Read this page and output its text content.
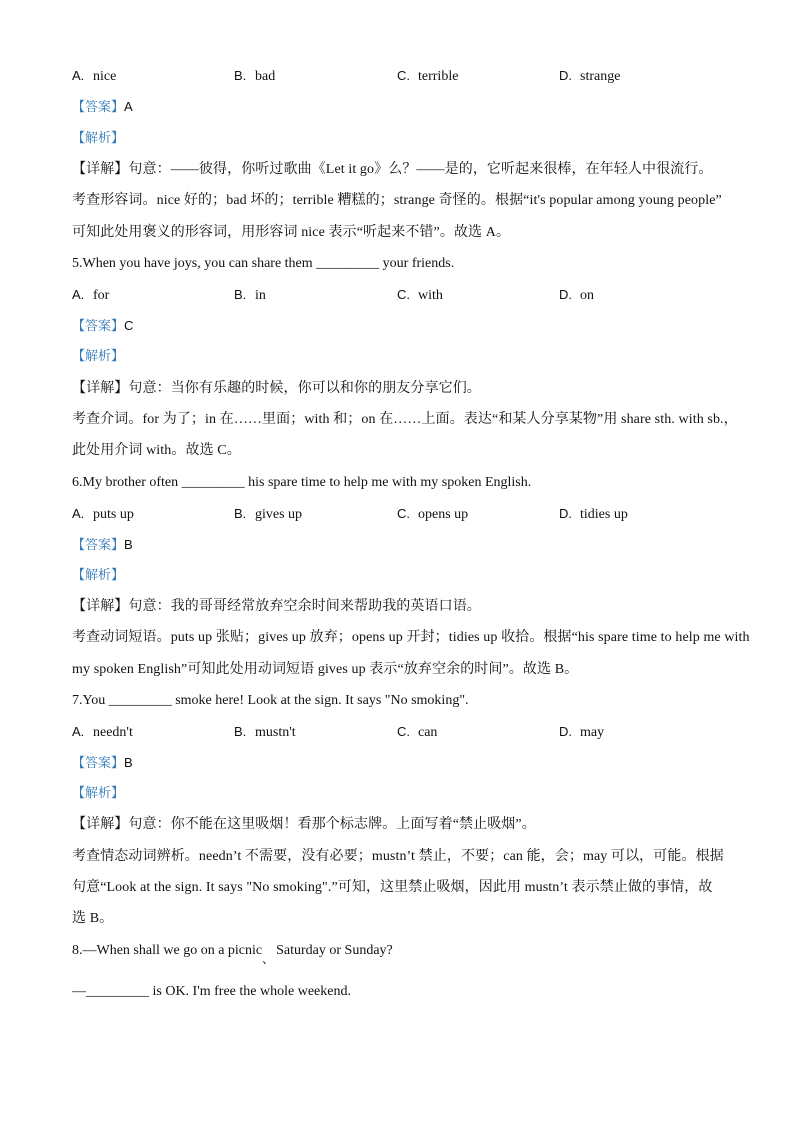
A. nice	B. bad	C. terrible	D. strange
【答案】A
【解析】
【详解】句意：——彼得，你听过歌曲《Let it go》么？——是的，它听起来很棒，在年轻人中很流行。
考查形容词。nice 好的；bad 坏的；terrible 糟糕的；strange 奇怪的。根据“it's popular among young people”
可知此处用褒义的形容词，用形容词 nice 表示“听起来不错”。故选 A。
5.When you have joys, you can share them _________ your friends.
A. for	B. in	C. with	D. on
【答案】C
【解析】
【详解】句意：当你有乐趣的时候，你可以和你的朋友分享它们。
考查介词。for 为了；in 在……里面；with 和；on 在……上面。表达“和某人分享某物”用 share sth. with sb.，
此处用介词 with。故选 C。
6.My brother often _________ his spare time to help me with my spoken English.
A. puts up	B. gives up	C. opens up	D. tidies up
【答案】B
【解析】
【详解】句意：我的哥哥经常放弃空余时间来帮助我的英语口语。
考查动词短语。puts up 张贴；gives up 放弃；opens up 开封；tidies up 收拾。根据“his spare time to help me with
my spoken English”可知此处用动词短语 gives up 表示“放弃空余的时间”。故选 B。
7.You _________ smoke here! Look at the sign. It says "No smoking".
A. needn't	B. mustn't	C. can	D. may
【答案】B
【解析】
【详解】句意：你不能在这里吸烟！看那个标志牌。上面写着“禁止吸烟”。
考查情态动词辨析。needn’t 不需要，没有必要；mustn’t 禁止，不要；can 能，会；may 可以，可能。根据
句意“Look at the sign. It says "No smoking".”可知，这里禁止吸烟，因此用 mustn’t 表示禁止做的事情，故
选 B。
8.—When shall we go on a picnic
、
Saturday or Sunday?
—_________ is OK. I'm free the whole weekend.
